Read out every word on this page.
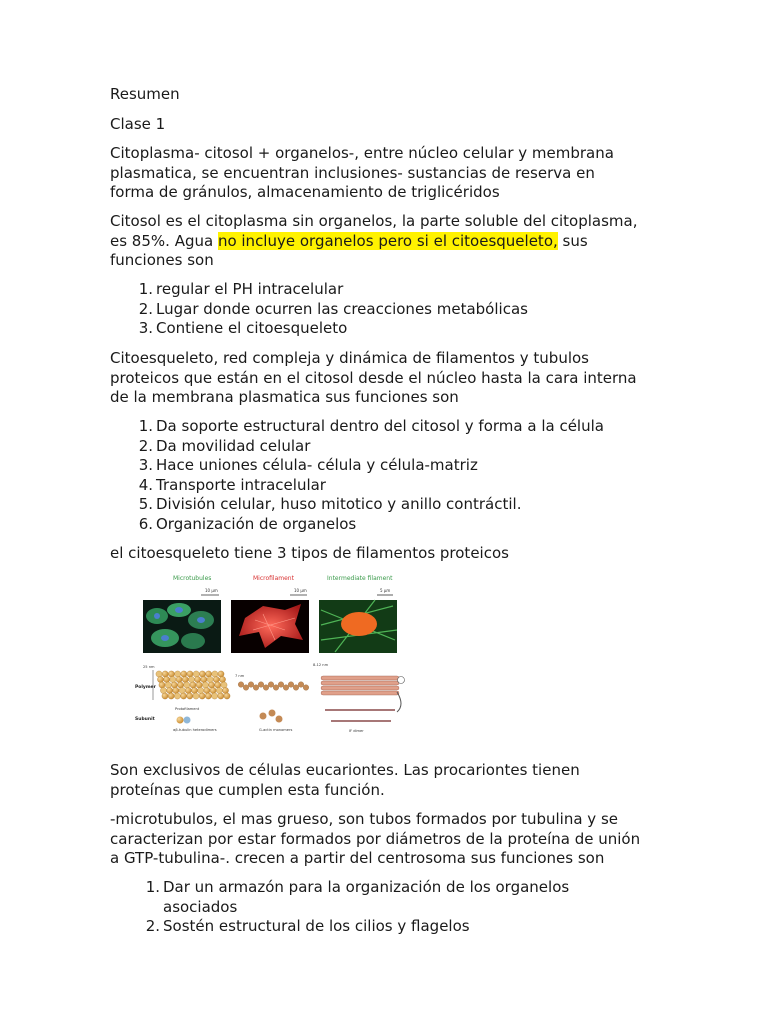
Resumen

Clase 1

Citoplasma- citosol + organelos-, entre núcleo celular y membrana
plasmatica, se encuentran inclusiones- sustancias de reserva en
forma de gránulos, almacenamiento de triglicéridos

Citosol es el citoplasma sin organelos, la parte soluble del citoplasma,
es 85%. Agua no incluye organelos pero si el citoesqueleto, sus
funciones son

1. regular el PH intracelular
2. Lugar donde ocurren las creacciones metabólicas
3. Contiene el citoesqueleto

Citoesqueleto, red compleja y dinámica de filamentos y tubulos
proteicos que están en el citosol desde el núcleo hasta la cara interna
de la membrana plasmatica sus funciones son

1. Da soporte estructural dentro del citosol y forma a la célula
2. Da movilidad celular
3. Hace uniones célula- célula y célula-matriz
4. Transporte intracelular
5. División celular, huso mitotico y anillo contráctil.
6. Organización de organelos

el citoesqueleto tiene 3 tipos de filamentos proteicos

Microtubules	Microfilament	Intermediate filament
10 µm	10 µm	5 µm
Polymer
Subunit
25 nm
Protofilament
αβ-tubulin heterodimers
7 nm
G-actin monomers
8-12 nm
IF dimer

Son exclusivos de células eucariontes. Las procariontes tienen
proteínas que cumplen esta función.

-microtubulos, el mas grueso, son tubos formados por tubulina y se
caracterizan por estar formados por diámetros de la proteína de unión
a GTP-tubulina-. crecen a partir del centrosoma sus funciones son

1. Dar un armazón para la organización de los organelos
asociados
2. Sostén estructural de los cilios y flagelos
